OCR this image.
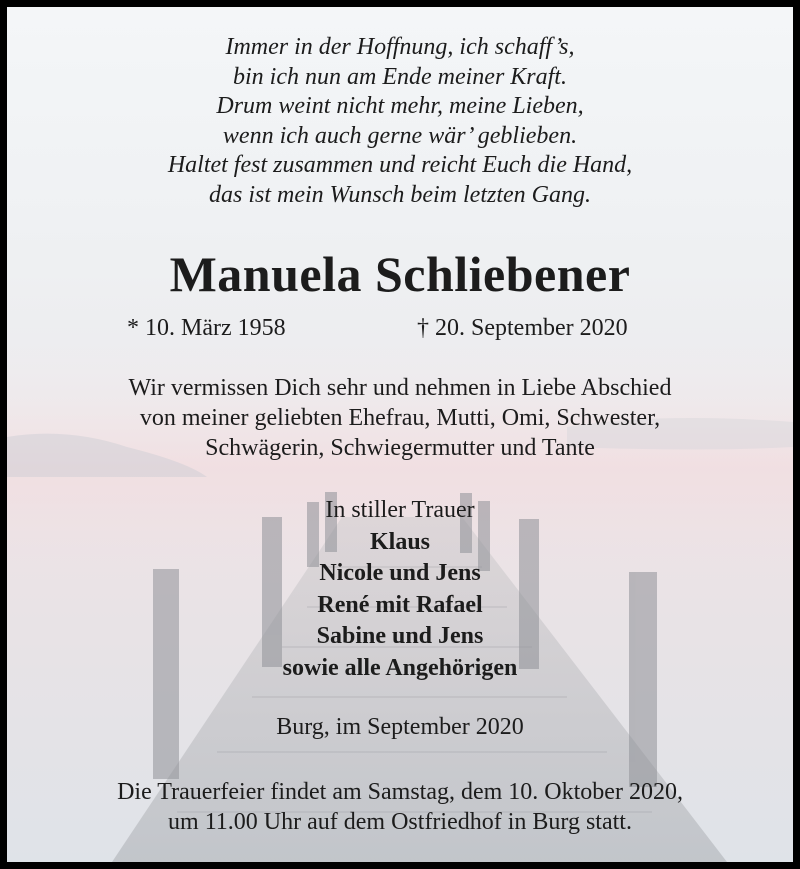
Immer in der Hoffnung, ich schaff’s,
bin ich nun am Ende meiner Kraft.
Drum weint nicht mehr, meine Lieben,
wenn ich auch gerne wär’ geblieben.
Haltet fest zusammen und reicht Euch die Hand,
das ist mein Wunsch beim letzten Gang.
Manuela Schliebener
* 10. März 1958	† 20. September 2020
Wir vermissen Dich sehr und nehmen in Liebe Abschied
von meiner geliebten Ehefrau, Mutti, Omi, Schwester,
Schwägerin, Schwiegermutter und Tante
In stiller Trauer
Klaus
Nicole und Jens
René mit Rafael
Sabine und Jens
sowie alle Angehörigen
Burg, im September 2020
Die Trauerfeier findet am Samstag, dem 10. Oktober 2020,
um 11.00 Uhr auf dem Ostfriedhof in Burg statt.
